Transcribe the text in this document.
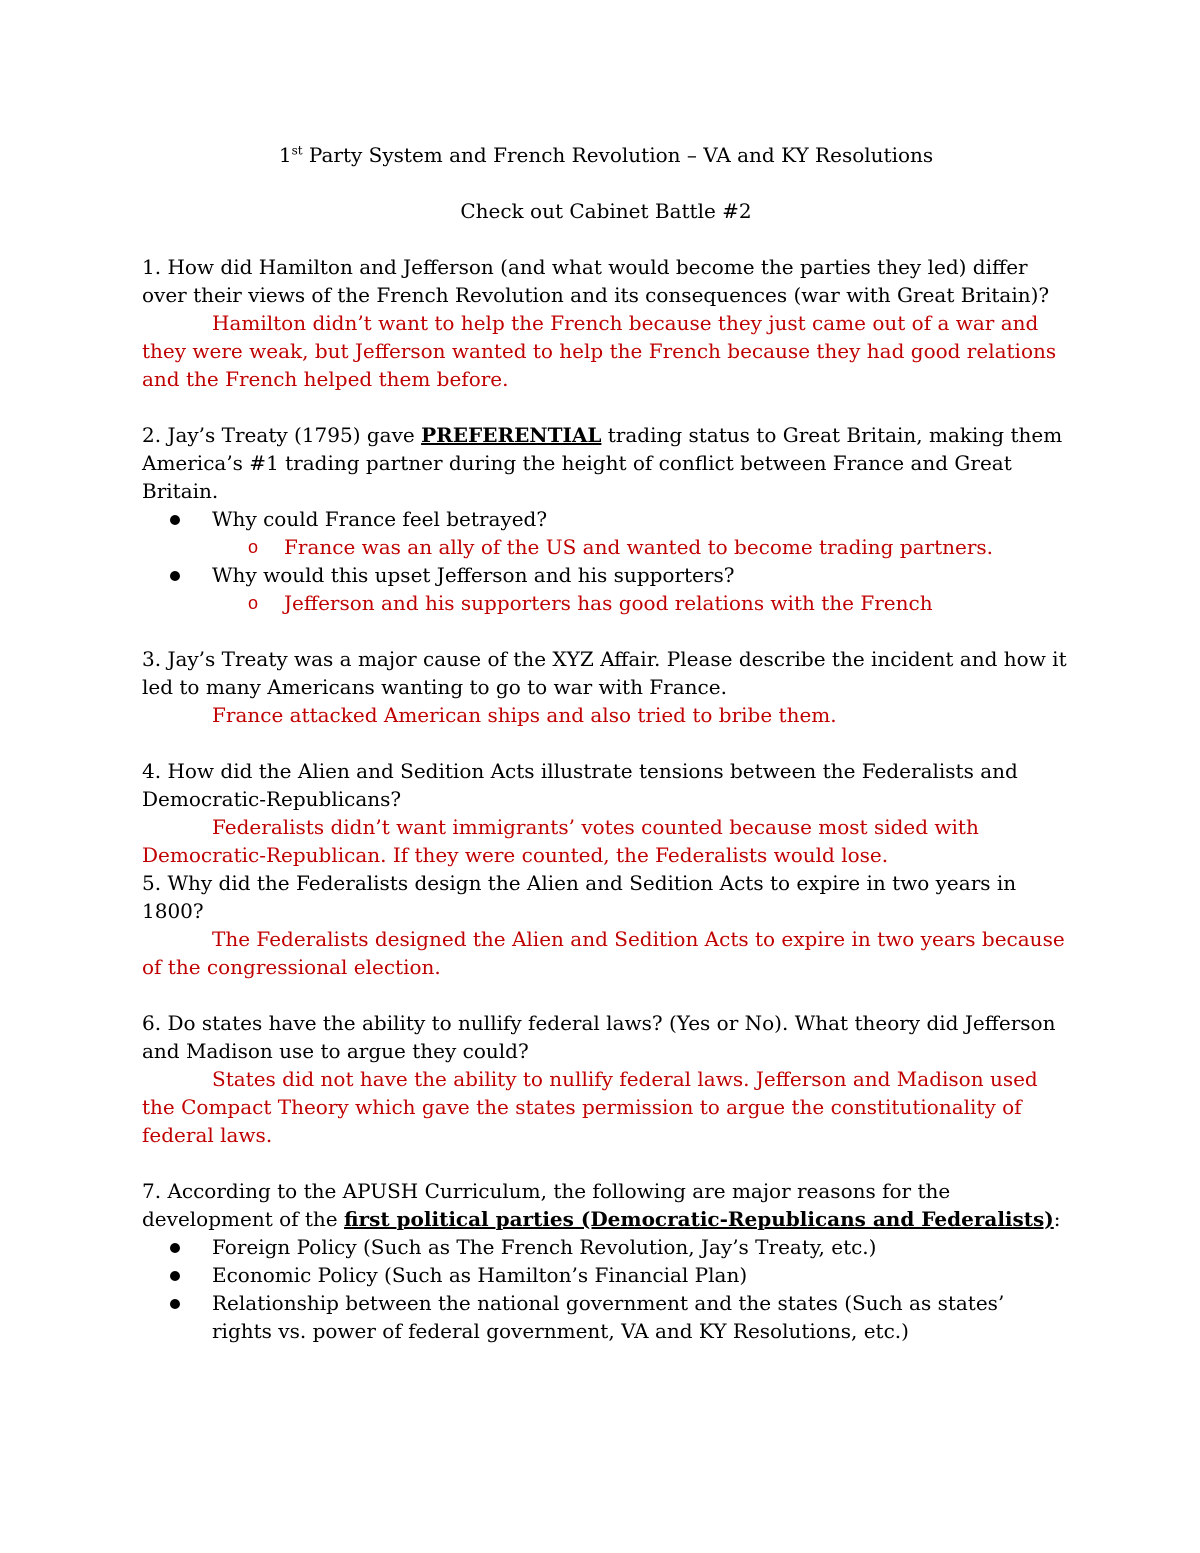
1st Party System and French Revolution – VA and KY Resolutions

Check out Cabinet Battle #2

1. How did Hamilton and Jefferson (and what would become the parties they led) differ over their views of the French Revolution and its consequences (war with Great Britain)?

Hamilton didn’t want to help the French because they just came out of a war and they were weak, but Jefferson wanted to help the French because they had good relations and the French helped them before.

2. Jay’s Treaty (1795) gave PREFERENTIAL trading status to Great Britain, making them America’s #1 trading partner during the height of conflict between France and Great Britain.

Why could France feel betrayed?
o France was an ally of the US and wanted to become trading partners.
Why would this upset Jefferson and his supporters?
o Jefferson and his supporters has good relations with the French

3. Jay’s Treaty was a major cause of the XYZ Affair. Please describe the incident and how it led to many Americans wanting to go to war with France.

France attacked American ships and also tried to bribe them.

4. How did the Alien and Sedition Acts illustrate tensions between the Federalists and Democratic-Republicans?

Federalists didn’t want immigrants’ votes counted because most sided with Democratic-Republican. If they were counted, the Federalists would lose.

5. Why did the Federalists design the Alien and Sedition Acts to expire in two years in 1800?

The Federalists designed the Alien and Sedition Acts to expire in two years because of the congressional election.

6. Do states have the ability to nullify federal laws? (Yes or No). What theory did Jefferson and Madison use to argue they could?

States did not have the ability to nullify federal laws. Jefferson and Madison used the Compact Theory which gave the states permission to argue the constitutionality of federal laws.

7. According to the APUSH Curriculum, the following are major reasons for the development of the first political parties (Democratic-Republicans and Federalists):

Foreign Policy (Such as The French Revolution, Jay’s Treaty, etc.)
Economic Policy (Such as Hamilton’s Financial Plan)
Relationship between the national government and the states (Such as states’ rights vs. power of federal government, VA and KY Resolutions, etc.)
